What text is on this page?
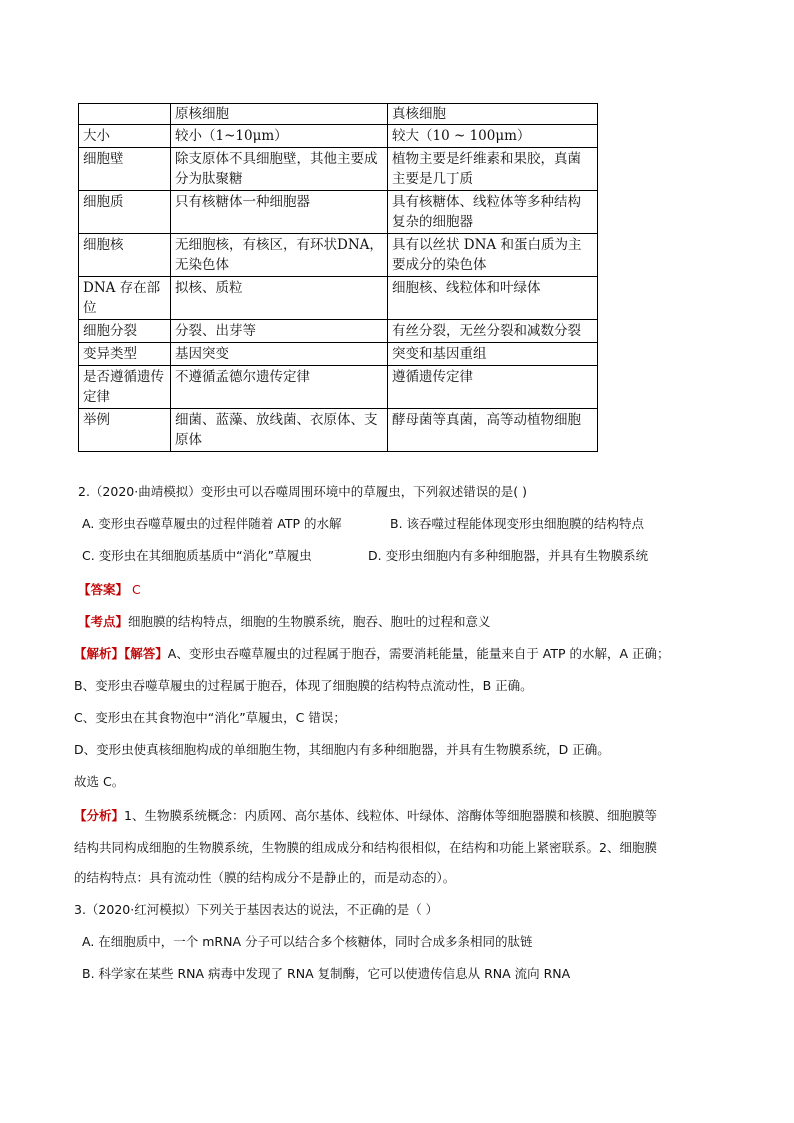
	原核细胞	真核细胞
大小	较小（1~10μm）	较大（10 ~ 100μm）
细胞壁	除支原体不具细胞壁，其他主要成分为肽聚糖	植物主要是纤维素和果胶，真菌主要是几丁质
细胞质	只有核糖体一种细胞器	具有核糖体、线粒体等多种结构复杂的细胞器
细胞核	无细胞核，有核区，有环状DNA，无染色体	具有以丝状 DNA 和蛋白质为主要成分的染色体
DNA 存在部位	拟核、质粒	细胞核、线粒体和叶绿体
细胞分裂	分裂、出芽等	有丝分裂，无丝分裂和减数分裂
变异类型	基因突变	突变和基因重组
是否遵循遗传定律	不遵循孟德尔遗传定律	遵循遗传定律
举例	细菌、蓝藻、放线菌、衣原体、支原体	酵母菌等真菌，高等动植物细胞
2.（2020·曲靖模拟）变形虫可以吞噬周围环境中的草履虫，下列叙述错误的是( )
A. 变形虫吞噬草履虫的过程伴随着 ATP 的水解	B. 该吞噬过程能体现变形虫细胞膜的结构特点
C. 变形虫在其细胞质基质中“消化”草履虫	D. 变形虫细胞内有多种细胞器，并具有生物膜系统
【答案】 C
【考点】细胞膜的结构特点，细胞的生物膜系统，胞吞、胞吐的过程和意义
【解析】【解答】A、变形虫吞噬草履虫的过程属于胞吞，需要消耗能量，能量来自于 ATP 的水解，A 正确；
B、变形虫吞噬草履虫的过程属于胞吞，体现了细胞膜的结构特点流动性，B 正确。
C、变形虫在其食物泡中“消化”草履虫，C 错误；
D、变形虫使真核细胞构成的单细胞生物，其细胞内有多种细胞器，并具有生物膜系统，D 正确。
故选 C。
【分析】1、生物膜系统概念：内质网、高尔基体、线粒体、叶绿体、溶酶体等细胞器膜和核膜、细胞膜等
结构共同构成细胞的生物膜系统，生物膜的组成成分和结构很相似，在结构和功能上紧密联系。2、细胞膜
的结构特点：具有流动性（膜的结构成分不是静止的，而是动态的）。
3.（2020·红河模拟）下列关于基因表达的说法，不正确的是（ ）
A. 在细胞质中，一个 mRNA 分子可以结合多个核糖体，同时合成多条相同的肽链
B. 科学家在某些 RNA 病毒中发现了 RNA 复制酶，它可以使遗传信息从 RNA 流向 RNA
